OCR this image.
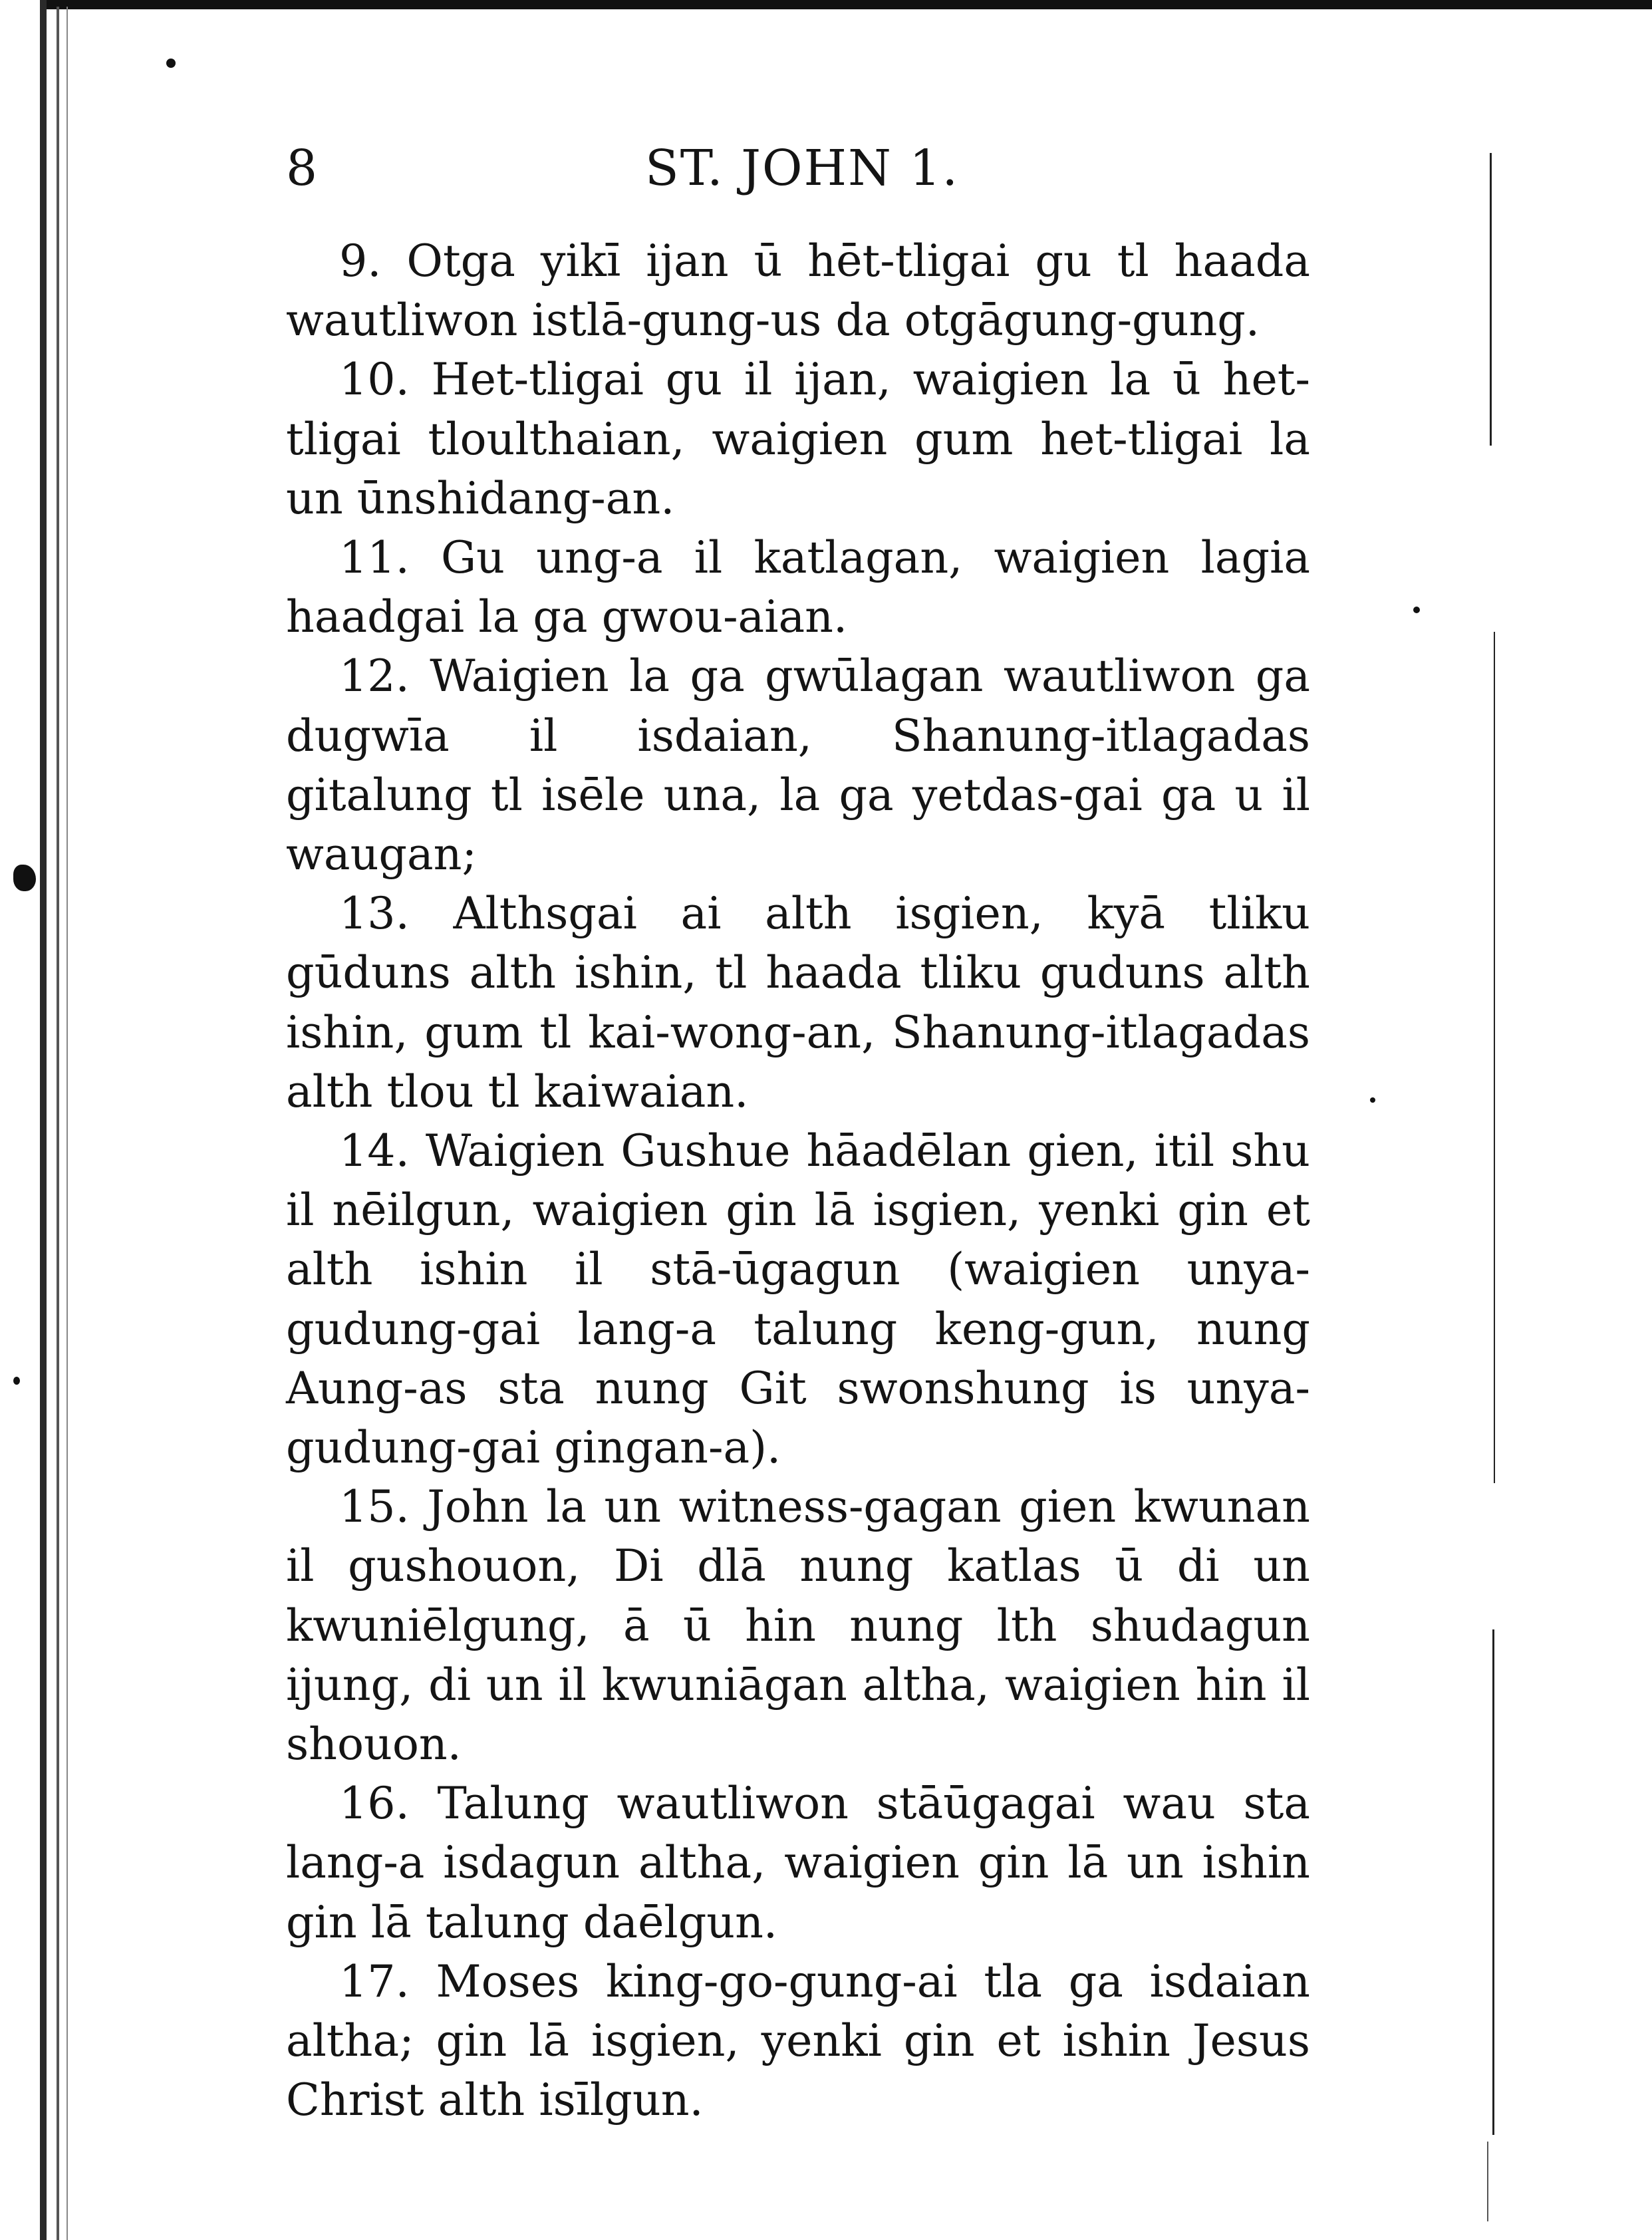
8	ST. JOHN 1.

9. Otga yikī ijan ū hēt-tligai gu tl haada wautliwon istlā-gung-us da otgāgung-gung.

10. Het-tligai gu il ijan, waigien la ū het-tligai tloulthaian, waigien gum het-tligai la un ūnshidang-an.

11. Gu ung-a il katlagan, waigien lagia haadgai la ga gwou-aian.

12. Waigien la ga gwūlagan wautliwon ga dugwīa il isdaian, Shanung-itlagadas gitalung tl isēle una, la ga yetdas-gai ga u il waugan;

13. Althsgai ai alth isgien, kyā tliku gūduns alth ishin, tl haada tliku guduns alth ishin, gum tl kai-wong-an, Shanung-itlagadas alth tlou tl kaiwaian.

14. Waigien Gushue hāadēlan gien, itil shu il nēilgun, waigien gin lā isgien, yenki gin et alth ishin il stā-ūgagun (waigien unya-gudung-gai lang-a talung keng-gun, nung Aung-as sta nung Git swonshung is unya-gudung-gai gingan-a).

15. John la un witness-gagan gien kwunan il gushouon, Di dlā nung katlas ū di un kwuniēlgung, ā ū hin nung lth shudagun ijung, di un il kwuniāgan altha, waigien hin il shouon.

16. Talung wautliwon stāūgagai wau sta lang-a isdagun altha, waigien gin lā un ishin gin lā talung daēlgun.

17. Moses king-go-gung-ai tla ga isdaian altha; gin lā isgien, yenki gin et ishin Jesus Christ alth isīlgun.
